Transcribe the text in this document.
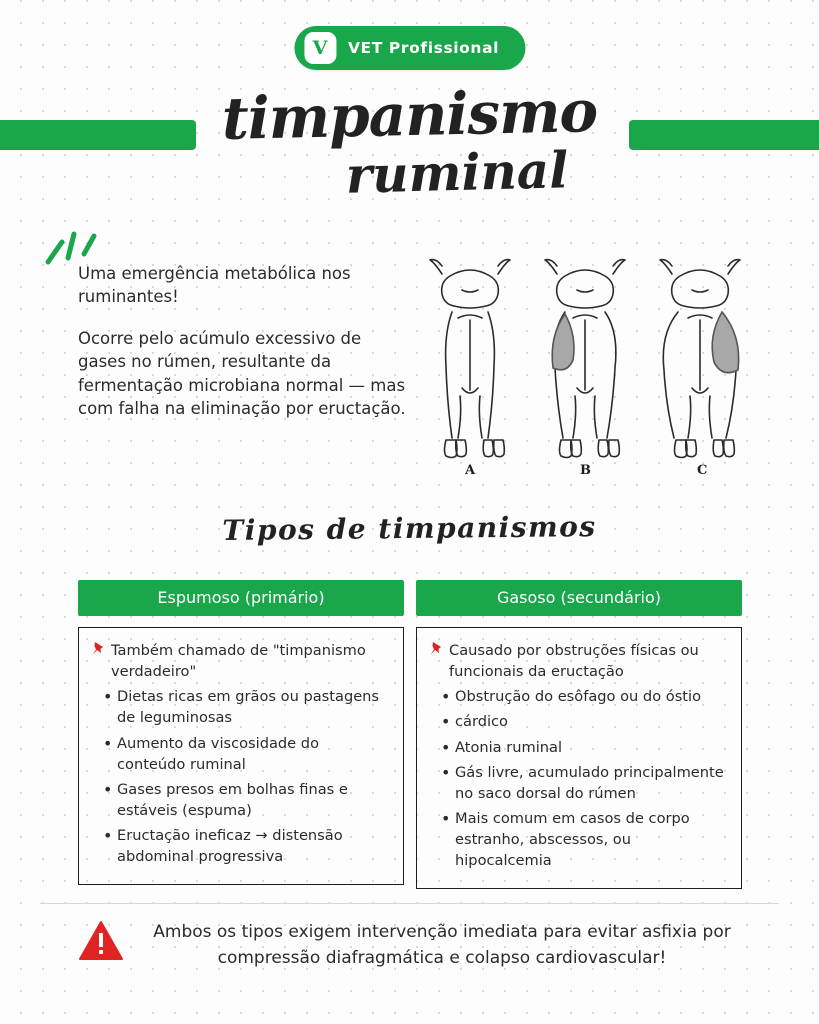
V	VET Profissional
timpanismo
ruminal

Uma emergência metabólica nos ruminantes!

Ocorre pelo acúmulo excessivo de gases no rúmen, resultante da fermentação microbiana normal — mas com falha na eliminação por eructação.

A	B	C
Tipos de timpanismos
Espumoso (primário)
Também chamado de "timpanismo verdadeiro"
• Dietas ricas em grãos ou pastagens de leguminosas
• Aumento da viscosidade do conteúdo ruminal
• Gases presos em bolhas finas e estáveis (espuma)
• Eructação ineficaz → distensão abdominal progressiva
Gasoso (secundário)
Causado por obstruções físicas ou funcionais da eructação
• Obstrução do esôfago ou do óstio
• cárdico
• Atonia ruminal
• Gás livre, acumulado principalmente no saco dorsal do rúmen
• Mais comum em casos de corpo estranho, abscessos, ou hipocalcemia
Ambos os tipos exigem intervenção imediata para evitar asfixia por compressão diafragmática e colapso cardiovascular!
